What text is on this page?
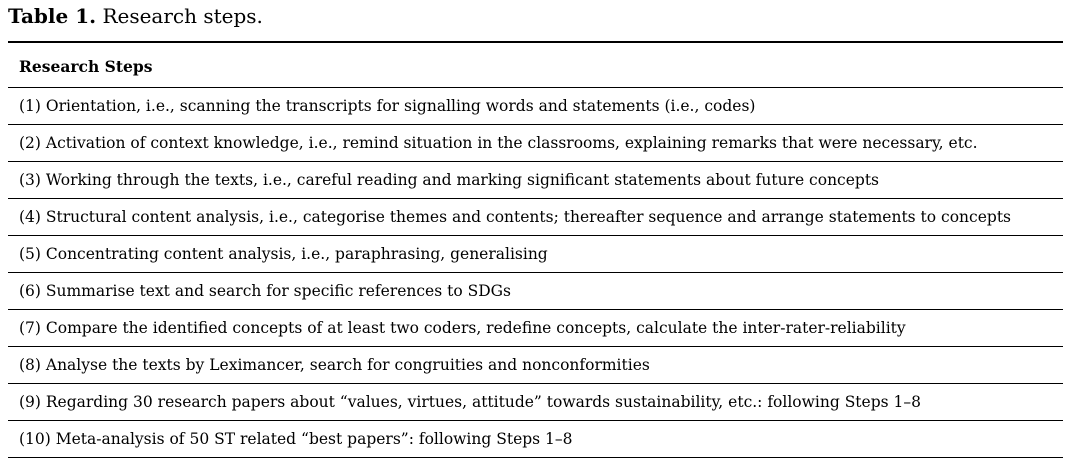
Table 1. Research steps.
Research Steps
(1) Orientation, i.e., scanning the transcripts for signalling words and statements (i.e., codes)
(2) Activation of context knowledge, i.e., remind situation in the classrooms, explaining remarks that were necessary, etc.
(3) Working through the texts, i.e., careful reading and marking significant statements about future concepts
(4) Structural content analysis, i.e., categorise themes and contents; thereafter sequence and arrange statements to concepts
(5) Concentrating content analysis, i.e., paraphrasing, generalising
(6) Summarise text and search for specific references to SDGs
(7) Compare the identified concepts of at least two coders, redefine concepts, calculate the inter-rater-reliability
(8) Analyse the texts by Leximancer, search for congruities and nonconformities
(9) Regarding 30 research papers about “values, virtues, attitude” towards sustainability, etc.: following Steps 1–8
(10) Meta-analysis of 50 ST related “best papers”: following Steps 1–8
